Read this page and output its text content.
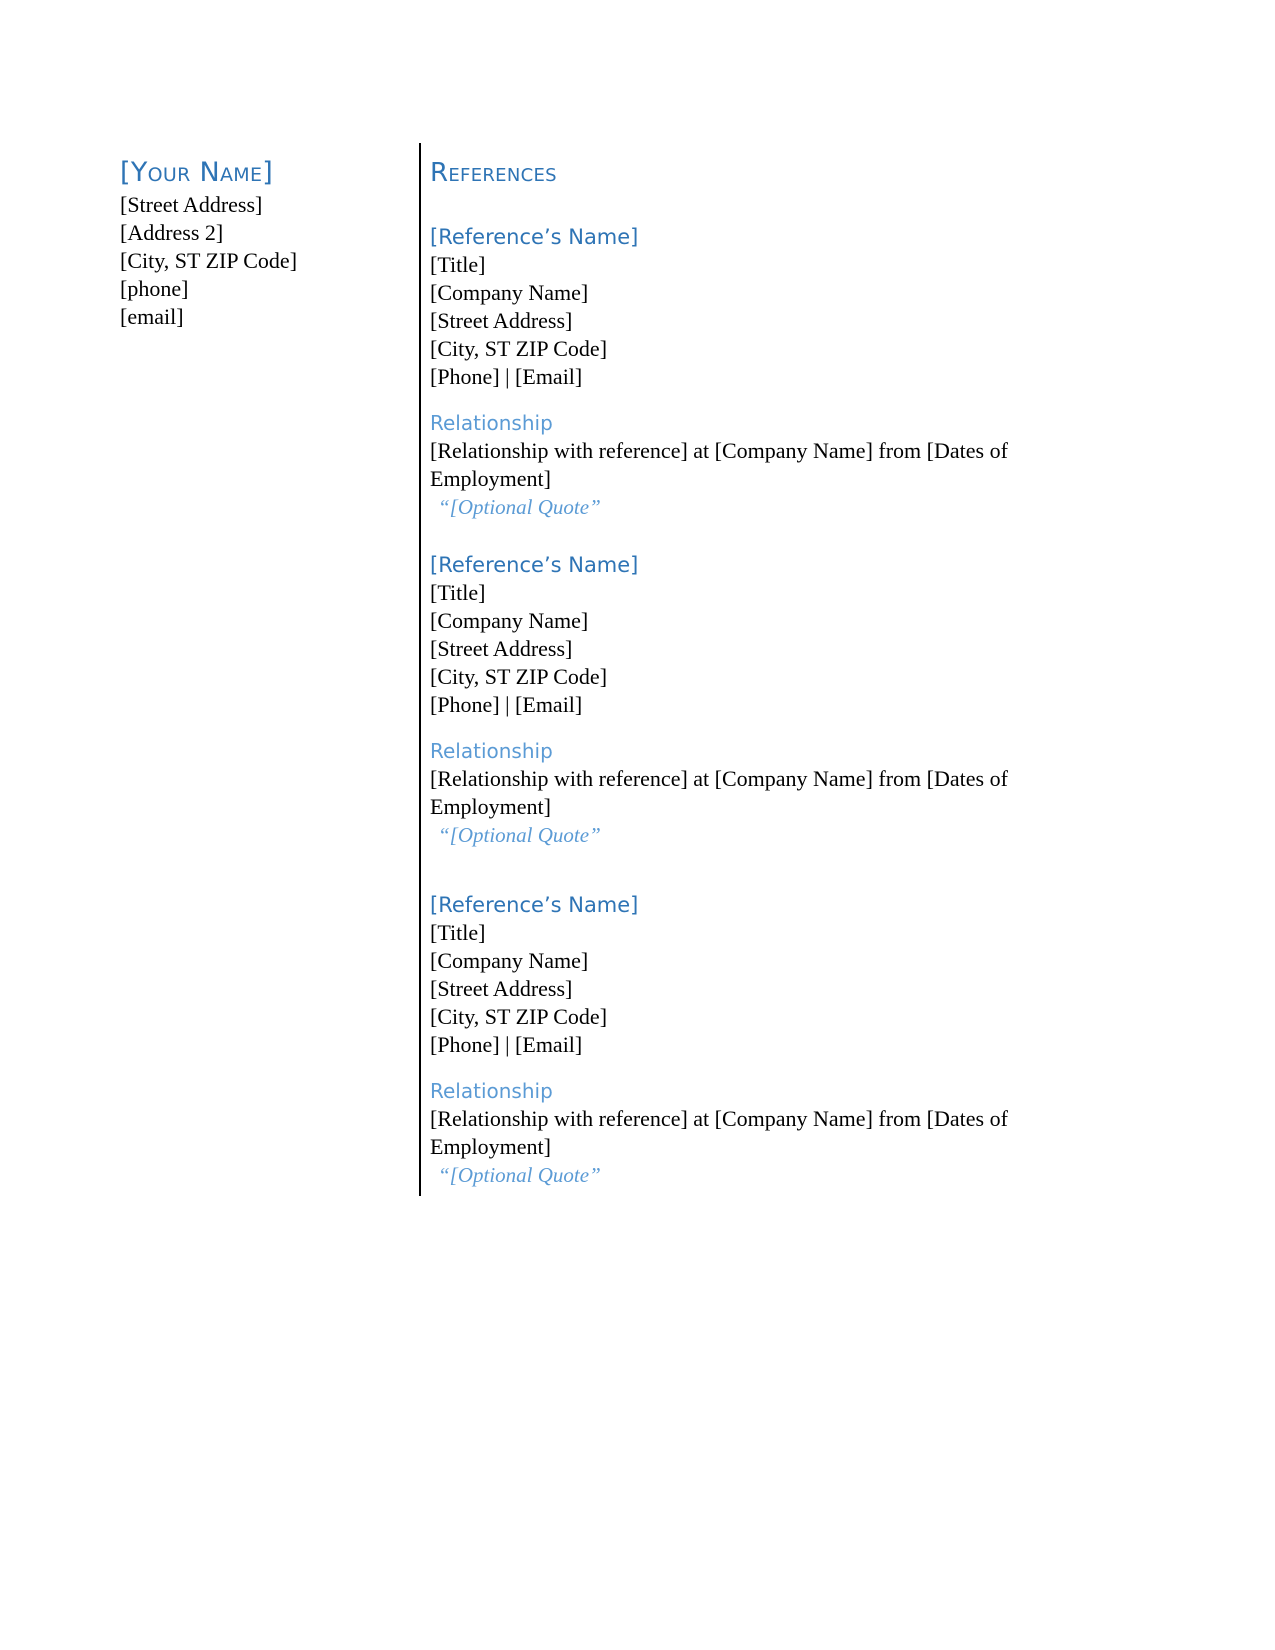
[Your Name]
[Street Address]
[Address 2]
[City, ST ZIP Code]
[phone]
[email]
References
[Reference’s Name]
[Title]
[Company Name]
[Street Address]
[City, ST ZIP Code]
[Phone] | [Email]
Relationship
[Relationship with reference] at [Company Name] from [Dates of Employment]
“[Optional Quote”
[Reference’s Name]
[Title]
[Company Name]
[Street Address]
[City, ST ZIP Code]
[Phone] | [Email]
Relationship
[Relationship with reference] at [Company Name] from [Dates of Employment]
“[Optional Quote”
[Reference’s Name]
[Title]
[Company Name]
[Street Address]
[City, ST ZIP Code]
[Phone] | [Email]
Relationship
[Relationship with reference] at [Company Name] from [Dates of Employment]
“[Optional Quote”
